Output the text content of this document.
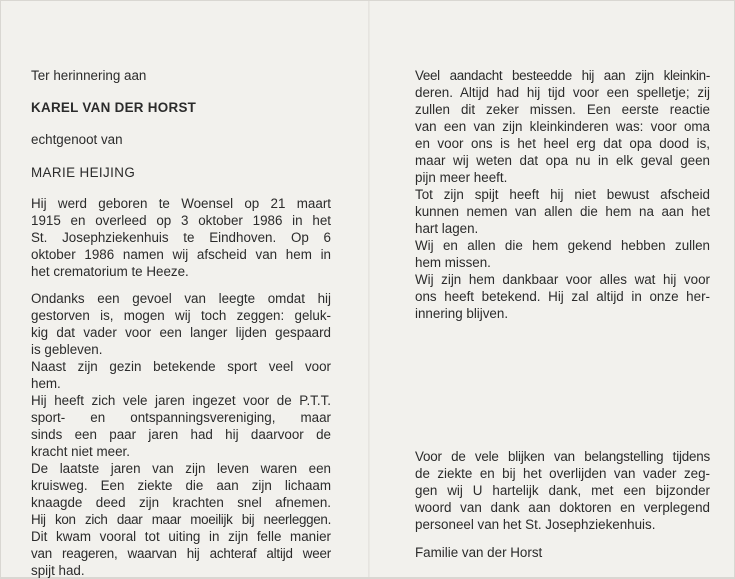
Ter herinnering aan

KAREL VAN DER HORST

echtgenoot van

MARIE HEIJING

Hij werd geboren te Woensel op 21 maart

1915 en overleed op 3 oktober 1986 in het

St. Josephziekenhuis te Eindhoven. Op 6

oktober 1986 namen wij afscheid van hem in

het crematorium te Heeze.

Ondanks een gevoel van leegte omdat hij

gestorven is, mogen wij toch zeggen: geluk-

kig dat vader voor een langer lijden gespaard

is gebleven.

Naast zijn gezin betekende sport veel voor

hem.

Hij heeft zich vele jaren ingezet voor de P.T.T.

sport- en ontspanningsvereniging, maar

sinds een paar jaren had hij daarvoor de

kracht niet meer.

De laatste jaren van zijn leven waren een

kruisweg. Een ziekte die aan zijn lichaam

knaagde deed zijn krachten snel afnemen.

Hij kon zich daar maar moeilijk bij neerleggen.

Dit kwam vooral tot uiting in zijn felle manier

van reageren, waarvan hij achteraf altijd weer

spijt had.

Veel aandacht besteedde hij aan zijn kleinkin-

deren. Altijd had hij tijd voor een spelletje; zij

zullen dit zeker missen. Een eerste reactie

van een van zijn kleinkinderen was: voor oma

en voor ons is het heel erg dat opa dood is,

maar wij weten dat opa nu in elk geval geen

pijn meer heeft.

Tot zijn spijt heeft hij niet bewust afscheid

kunnen nemen van allen die hem na aan het

hart lagen.

Wij en allen die hem gekend hebben zullen

hem missen.

Wij zijn hem dankbaar voor alles wat hij voor

ons heeft betekend. Hij zal altijd in onze her-

innering blijven.

Voor de vele blijken van belangstelling tijdens

de ziekte en bij het overlijden van vader zeg-

gen wij U hartelijk dank, met een bijzonder

woord van dank aan doktoren en verplegend

personeel van het St. Josephziekenhuis.

Familie van der Horst
